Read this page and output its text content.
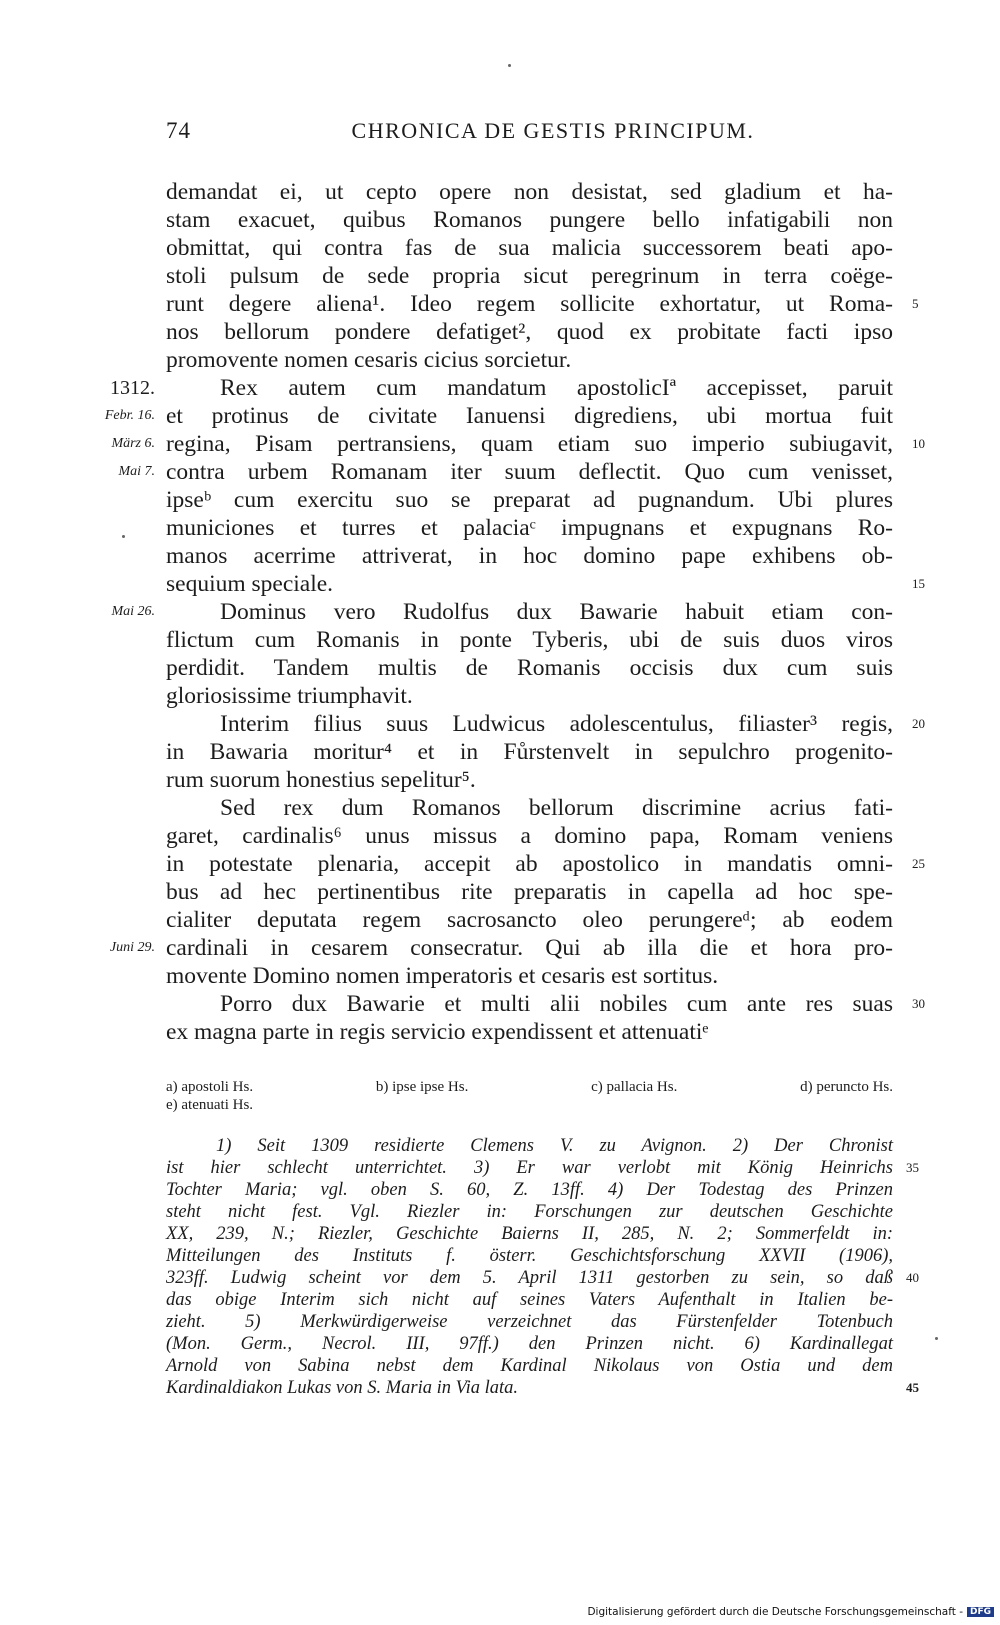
74	CHRONICA DE GESTIS PRINCIPUM.
demandat ei, ut cepto opere non desistat, sed gladium et ha-
stam exacuet, quibus Romanos pungere bello infatigabili non
obmittat, qui contra fas de sua malicia successorem beati apo-
stoli pulsum de sede propria sicut peregrinum in terra coëge-
runt degere aliena¹. Ideo regem sollicite exhortatur, ut Roma- 5
nos bellorum pondere defatiget², quod ex probitate facti ipso
promovente nomen cesaris cicius sorcietur.
1312.	Rex autem cum mandatum apostolicIª accepisset, paruit
Febr. 16. et protinus de civitate Ianuensi digrediens, ubi mortua fuit
März 6. regina, Pisam pertransiens, quam etiam suo imperio subiugavit, 10
Mai 7. contra urbem Romanam iter suum deflectit. Quo cum venisset,
ipseᵇ cum exercitu suo se preparat ad pugnandum. Ubi plures
municiones et turres et palaciaᶜ impugnans et expugnans Ro-
manos acerrime attriverat, in hoc domino pape exhibens ob-
sequium speciale.	15
Mai 26.	Dominus vero Rudolfus dux Bawarie habuit etiam con-
flictum cum Romanis in ponte Tyberis, ubi de suis duos viros
perdidit. Tandem multis de Romanis occisis dux cum suis
gloriosissime triumphavit.
Interim filius suus Ludwicus adolescentulus, filiaster³ regis, 20
in Bawaria moritur⁴ et in Fůrstenvelt in sepulchro progenito-
rum suorum honestius sepelitur⁵.
Sed rex dum Romanos bellorum discrimine acrius fati-
garet, cardinalis⁶ unus missus a domino papa, Romam veniens
in potestate plenaria, accepit ab apostolico in mandatis omni- 25
bus ad hec pertinentibus rite preparatis in capella ad hoc spe-
cialiter deputata regem sacrosancto oleo perungereᵈ; ab eodem
Juni 29. cardinali in cesarem consecratur. Qui ab illa die et hora pro-
movente Domino nomen imperatoris et cesaris est sortitus.
Porro dux Bawarie et multi alii nobiles cum ante res suas 30
ex magna parte in regis servicio expendissent et attenuatiᵉ
a) apostoli Hs.	b) ipse ipse Hs.	c) pallacia Hs.	d) perunctо Hs.
e) atenuati Hs.
1) Seit 1309 residierte Clemens V. zu Avignon. 2) Der Chronist
ist hier schlecht unterrichtet. 3) Er war verlobt mit König Heinrichs 35
Tochter Maria; vgl. oben S. 60, Z. 13ff. 4) Der Todestag des Prinzen
steht nicht fest. Vgl. Riezler in: Forschungen zur deutschen Geschichte
XX, 239, N.; Riezler, Geschichte Baierns II, 285, N. 2; Sommerfeldt in:
Mitteilungen des Instituts f. österr. Geschichtsforschung XXVII (1906),
323ff. Ludwig scheint vor dem 5. April 1311 gestorben zu sein, so daß 40
das obige Interim sich nicht auf seines Vaters Aufenthalt in Italien be-
zieht. 5) Merkwürdigerweise verzeichnet das Fürstenfelder Totenbuch
(Mon. Germ., Necrol. III, 97ff.) den Prinzen nicht. 6) Kardinallegat
Arnold von Sabina nebst dem Kardinal Nikolaus von Ostia und dem
Kardinaldiakon Lukas von S. Maria in Via lata.	45
Digitalisierung gefördert durch die Deutsche Forschungsgemeinschaft - DFG
